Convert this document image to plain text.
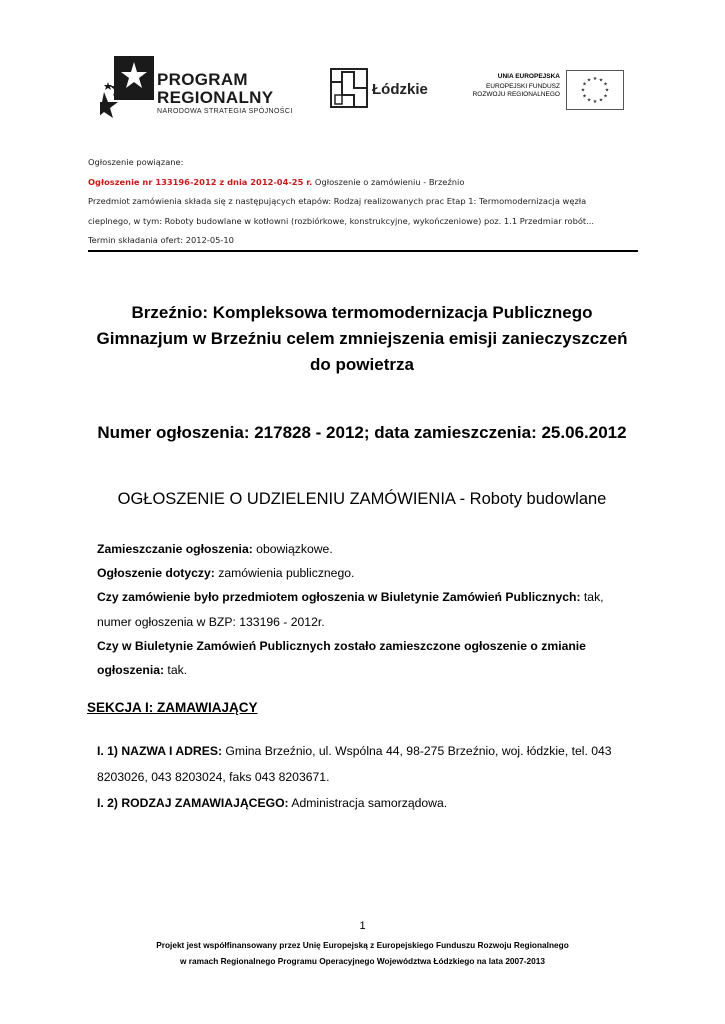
PROGRAM
REGIONALNY
NARODOWA STRATEGIA SPÓJNOŚCI
Łódzkie
UNIA EUROPEJSKA
EUROPEJSKI FUNDUSZ
ROZWOJU REGIONALNEGO
★ ★
★
★
★
★
★
★
★
★
★
★
Ogłoszenie powiązane:
Ogłoszenie nr 133196-2012 z dnia 2012-04-25 r. Ogłoszenie o zamówieniu - Brzeźnio
Przedmiot zamówienia składa się z następujących etapów: Rodzaj realizowanych prac Etap 1: Termomodernizacja węzła
cieplnego, w tym: Roboty budowlane w kotłowni (rozbiórkowe, konstrukcyjne, wykończeniowe) poz. 1.1 Przedmiar robót...
Termin składania ofert: 2012-05-10
Brzeźnio: Kompleksowa termomodernizacja Publicznego
Gimnazjum w Brzeźniu celem zmniejszenia emisji zanieczyszczeń
do powietrza
Numer ogłoszenia: 217828 - 2012; data zamieszczenia: 25.06.2012
OGŁOSZENIE O UDZIELENIU ZAMÓWIENIA - Roboty budowlane
Zamieszczanie ogłoszenia: obowiązkowe.
Ogłoszenie dotyczy: zamówienia publicznego.
Czy zamówienie było przedmiotem ogłoszenia w Biuletynie Zamówień Publicznych: tak,
numer ogłoszenia w BZP: 133196 - 2012r.
Czy w Biuletynie Zamówień Publicznych zostało zamieszczone ogłoszenie o zmianie
ogłoszenia: tak.
SEKCJA I: ZAMAWIAJĄCY
I. 1) NAZWA I ADRES: Gmina Brzeźnio, ul. Wspólna 44, 98-275 Brzeźnio, woj. łódzkie, tel. 043
8203026, 043 8203024, faks 043 8203671.
I. 2) RODZAJ ZAMAWIAJĄCEGO: Administracja samorządowa.
1
Projekt jest współfinansowany przez Unię Europejską z Europejskiego Funduszu Rozwoju Regionalnego
w ramach Regionalnego Programu Operacyjnego Województwa Łódzkiego na lata 2007-2013
